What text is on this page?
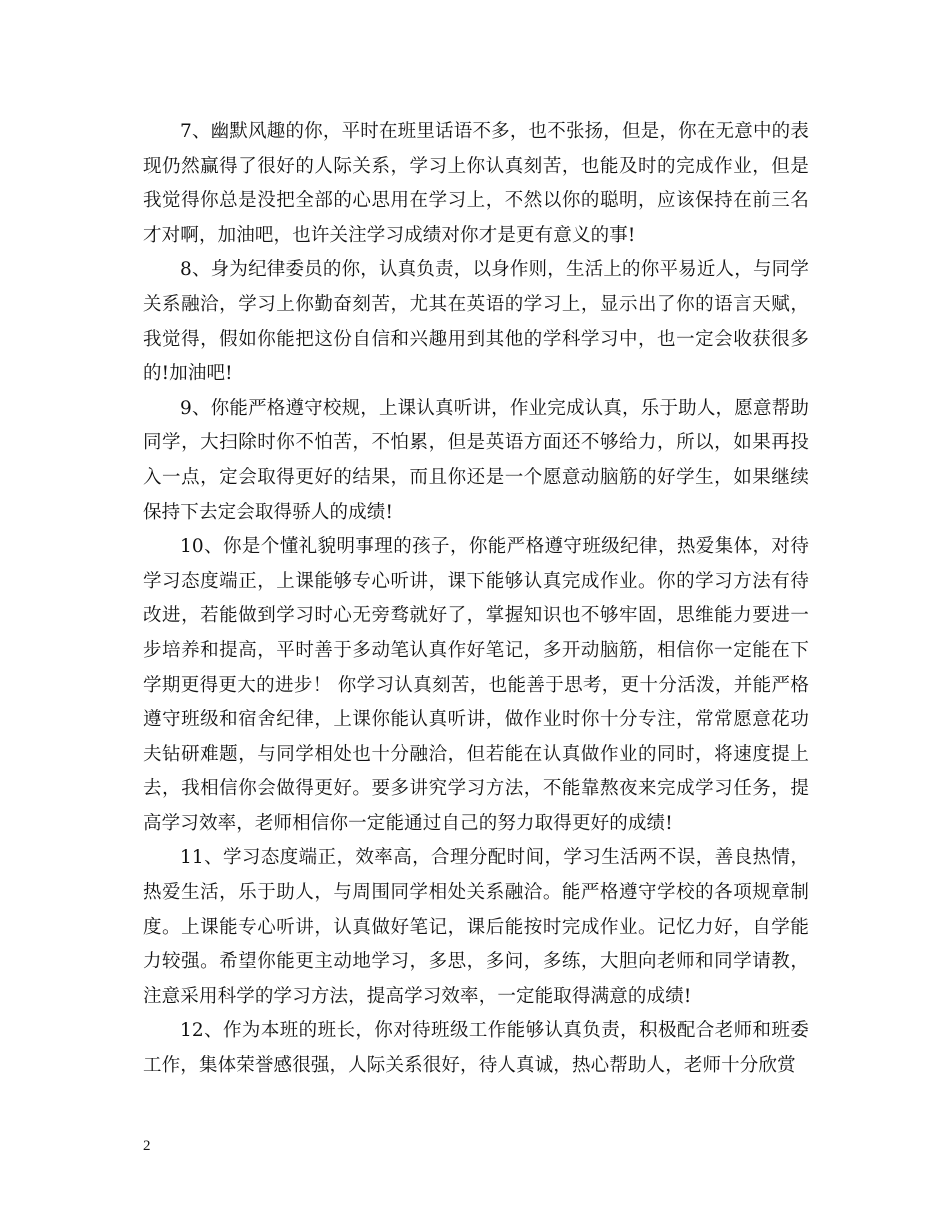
7、幽默风趣的你，平时在班里话语不多，也不张扬，但是，你在无意中的表现仍然赢得了很好的人际关系，学习上你认真刻苦，也能及时的完成作业，但是我觉得你总是没把全部的心思用在学习上，不然以你的聪明，应该保持在前三名才对啊，加油吧，也许关注学习成绩对你才是更有意义的事!

8、身为纪律委员的你，认真负责，以身作则，生活上的你平易近人，与同学关系融洽，学习上你勤奋刻苦，尤其在英语的学习上，显示出了你的语言天赋，我觉得，假如你能把这份自信和兴趣用到其他的学科学习中，也一定会收获很多的!加油吧!

9、你能严格遵守校规，上课认真听讲，作业完成认真，乐于助人，愿意帮助同学，大扫除时你不怕苦，不怕累，但是英语方面还不够给力，所以，如果再投入一点，定会取得更好的结果，而且你还是一个愿意动脑筋的好学生，如果继续保持下去定会取得骄人的成绩!

10、你是个懂礼貌明事理的孩子，你能严格遵守班级纪律，热爱集体，对待学习态度端正，上课能够专心听讲，课下能够认真完成作业。你的学习方法有待改进，若能做到学习时心无旁骛就好了，掌握知识也不够牢固，思维能力要进一步培养和提高，平时善于多动笔认真作好笔记，多开动脑筋，相信你一定能在下学期更得更大的进步！ 你学习认真刻苦，也能善于思考，更十分活泼，并能严格遵守班级和宿舍纪律，上课你能认真听讲，做作业时你十分专注，常常愿意花功夫钻研难题，与同学相处也十分融洽，但若能在认真做作业的同时，将速度提上去，我相信你会做得更好。要多讲究学习方法，不能靠熬夜来完成学习任务，提高学习效率，老师相信你一定能通过自己的努力取得更好的成绩!

11、学习态度端正，效率高，合理分配时间，学习生活两不误，善良热情，热爱生活，乐于助人，与周围同学相处关系融洽。能严格遵守学校的各项规章制度。上课能专心听讲，认真做好笔记，课后能按时完成作业。记忆力好，自学能力较强。希望你能更主动地学习，多思，多问，多练，大胆向老师和同学请教，注意采用科学的学习方法，提高学习效率，一定能取得满意的成绩!

12、作为本班的班长，你对待班级工作能够认真负责，积极配合老师和班委工作，集体荣誉感很强，人际关系很好，待人真诚，热心帮助人，老师十分欣赏

2
